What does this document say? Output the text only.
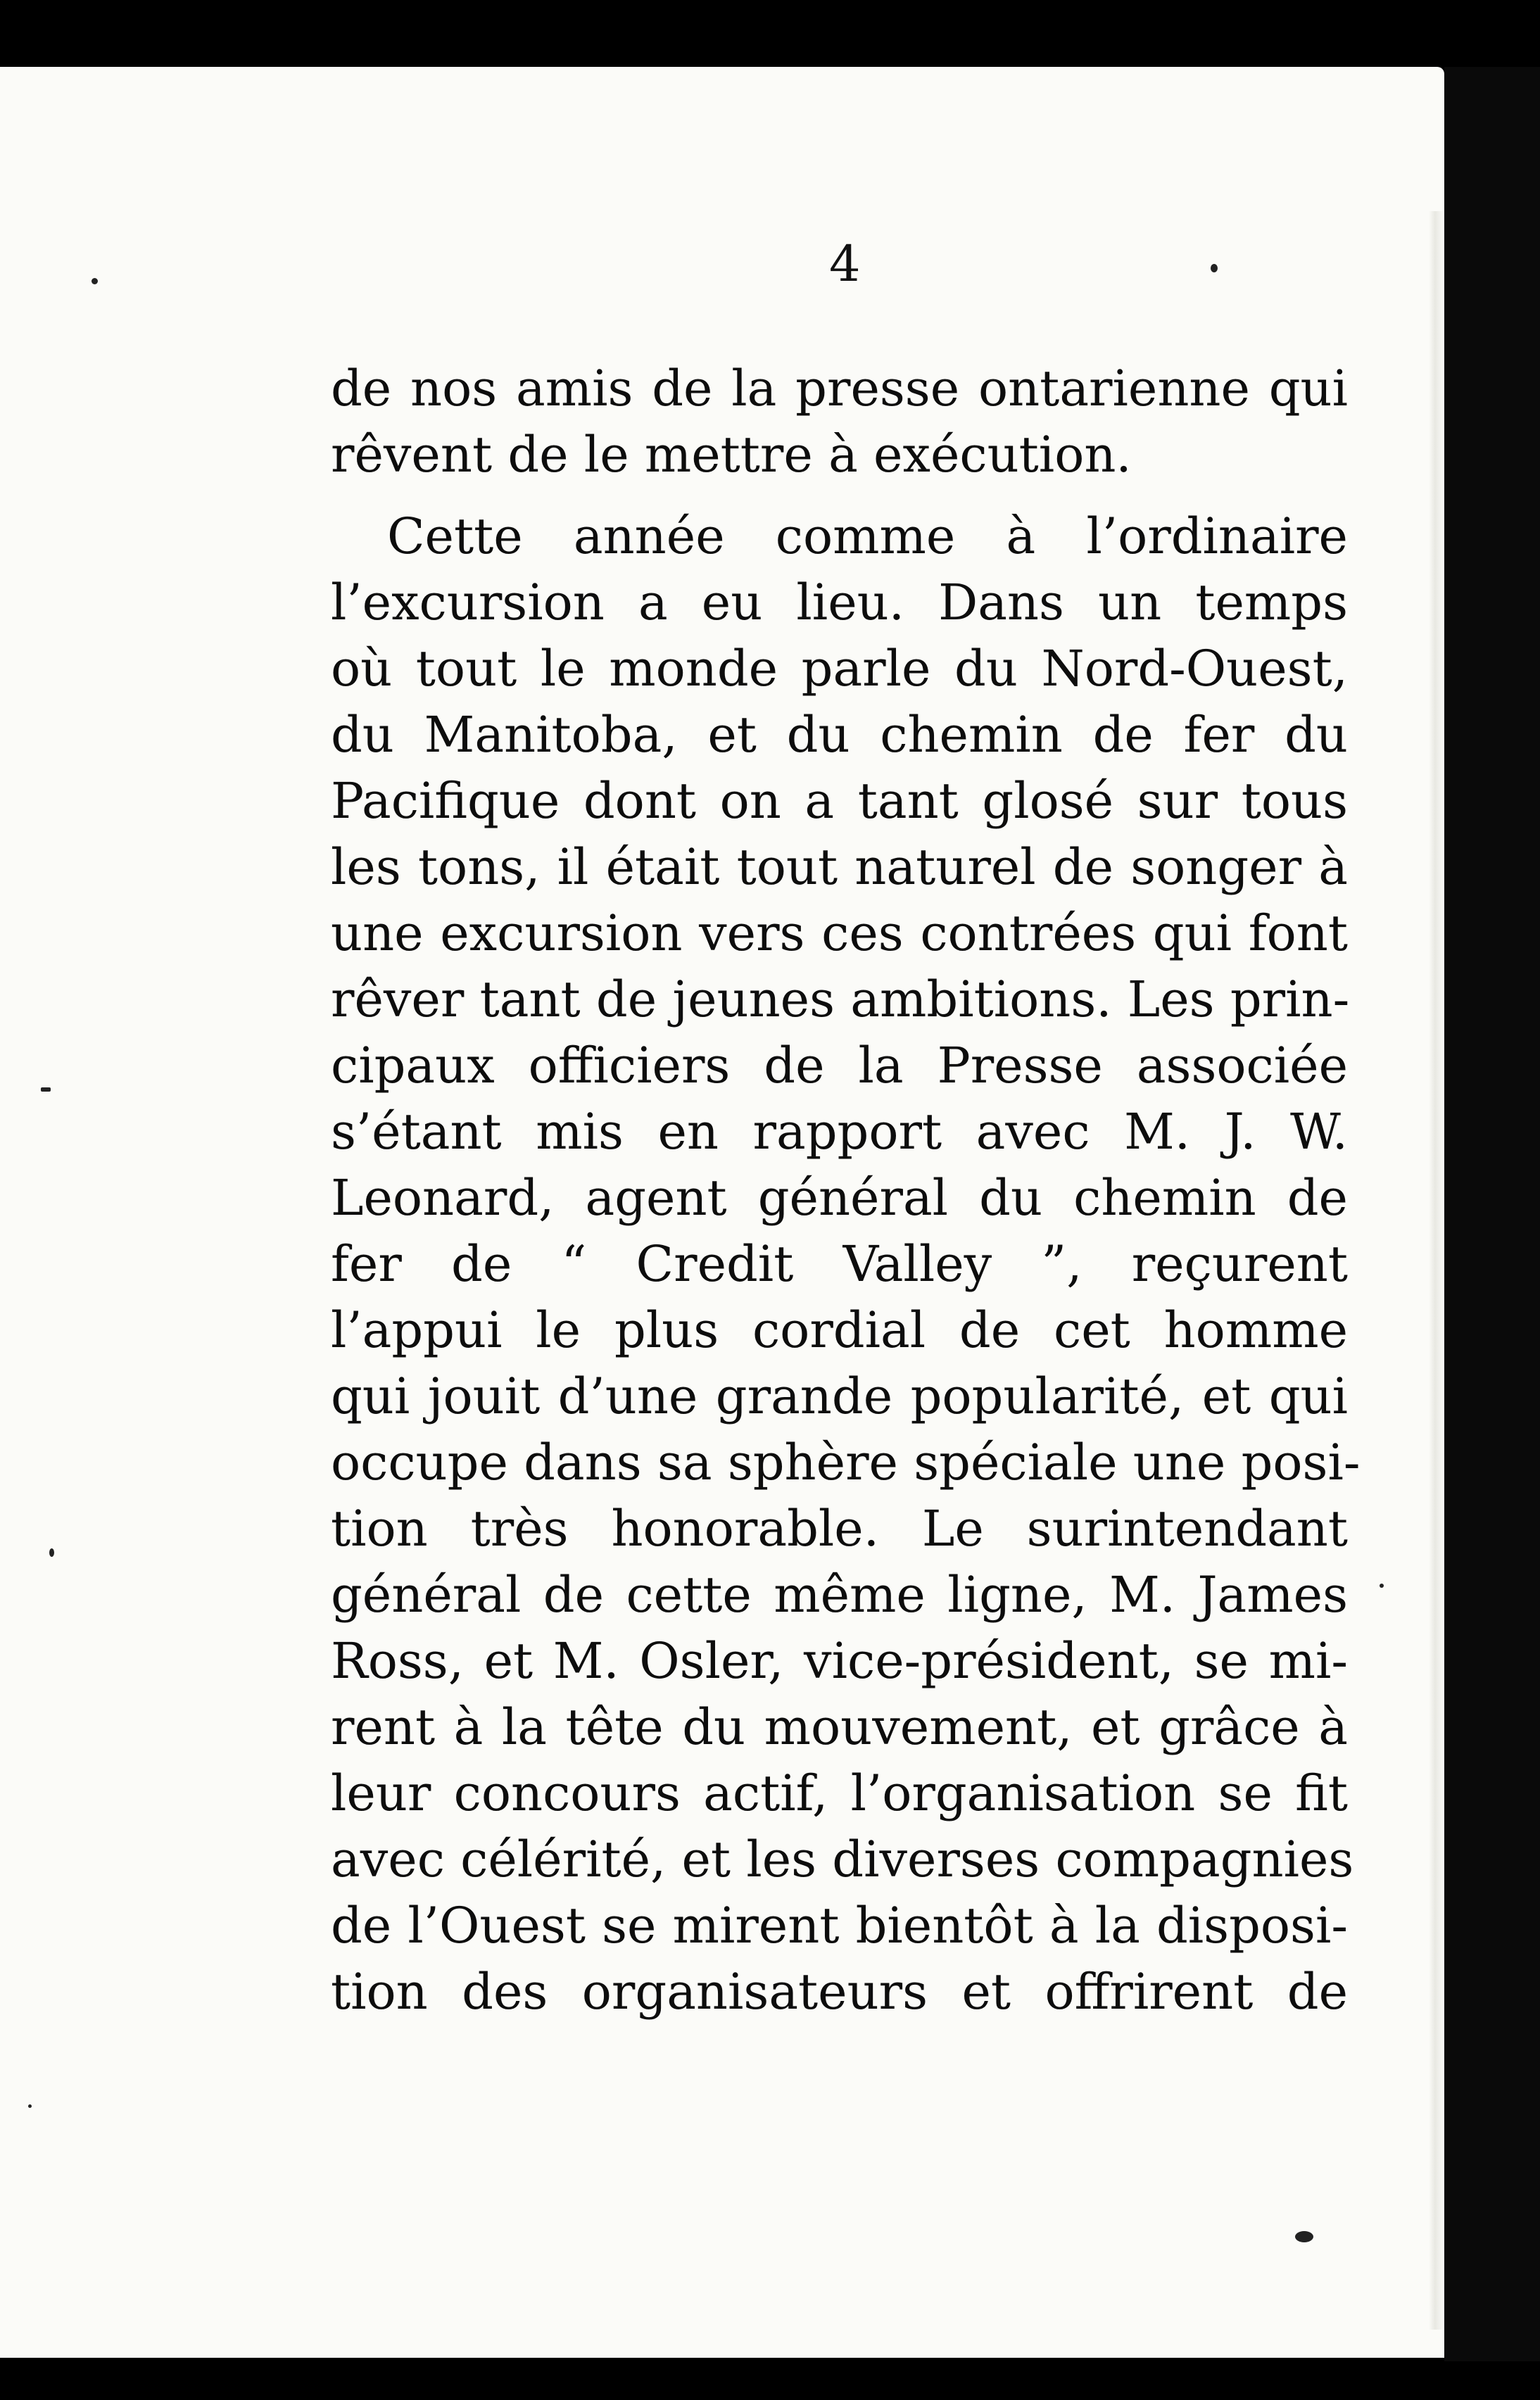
4
de nos amis de la presse ontarienne qui
rêvent de le mettre à exécution.
Cette année comme à l’ordinaire
l’excursion a eu lieu. Dans un temps
où tout le monde parle du Nord-Ouest,
du Manitoba, et du chemin de fer du
Pacifique dont on a tant glosé sur tous
les tons, il était tout naturel de songer à
une excursion vers ces contrées qui font
rêver tant de jeunes ambitions. Les prin-
cipaux officiers de la Presse associée
s’étant mis en rapport avec M. J. W.
Leonard, agent général du chemin de
fer de “ Credit Valley ”, reçurent
l’appui le plus cordial de cet homme
qui jouit d’une grande popularité, et qui
occupe dans sa sphère spéciale une posi-
tion très honorable. Le surintendant
général de cette même ligne, M. James
Ross, et M. Osler, vice-président, se mi-
rent à la tête du mouvement, et grâce à
leur concours actif, l’organisation se fit
avec célérité, et les diverses compagnies
de l’Ouest se mirent bientôt à la disposi-
tion des organisateurs et offrirent de
